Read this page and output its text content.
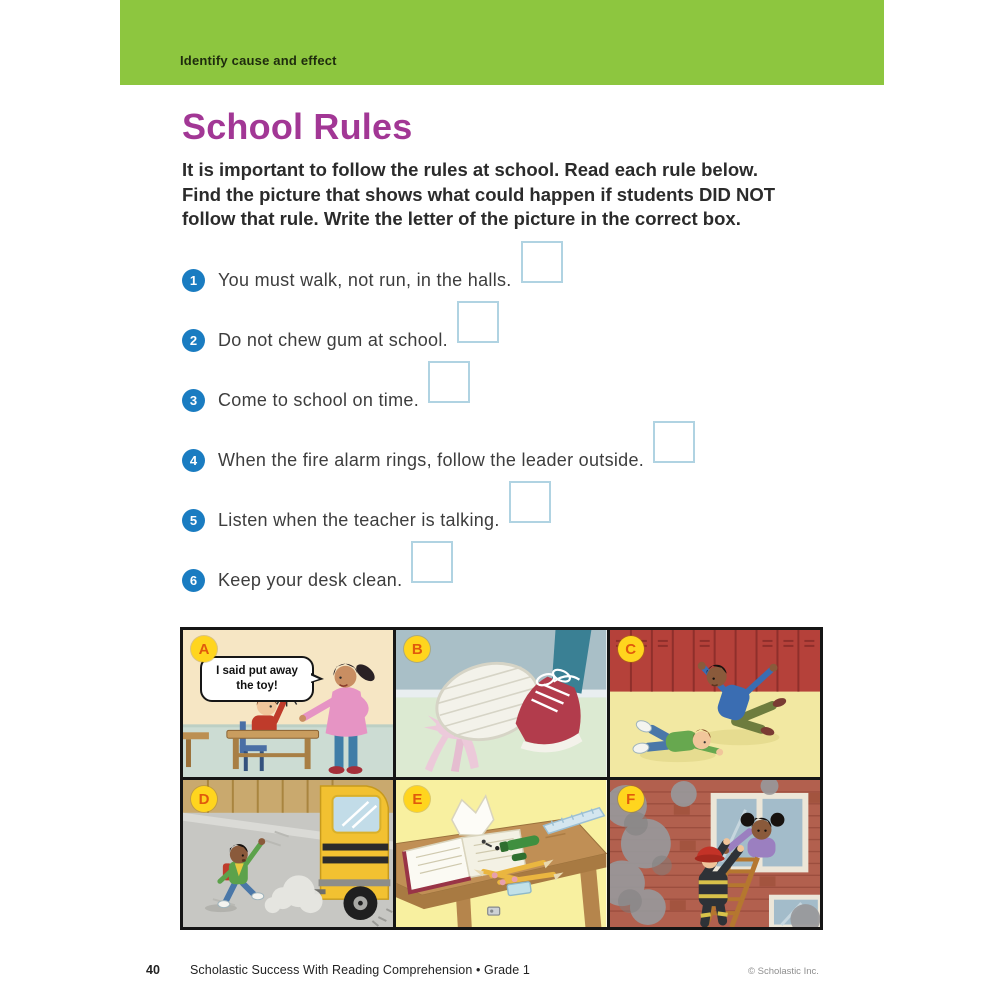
Identify cause and effect
School Rules
It is important to follow the rules at school. Read each rule below.
Find the picture that shows what could happen if students DID NOT
follow that rule. Write the letter of the picture in the correct box.
1	You must walk, not run, in the halls.
2	Do not chew gum at school.
3	Come to school on time.
4	When the fire alarm rings, follow the leader outside.
5	Listen when the teacher is talking.
6	Keep your desk clean.
I said put away the toy!
A	B	C
D	E	F
40 Scholastic Success With Reading Comprehension • Grade 1	© Scholastic Inc.
